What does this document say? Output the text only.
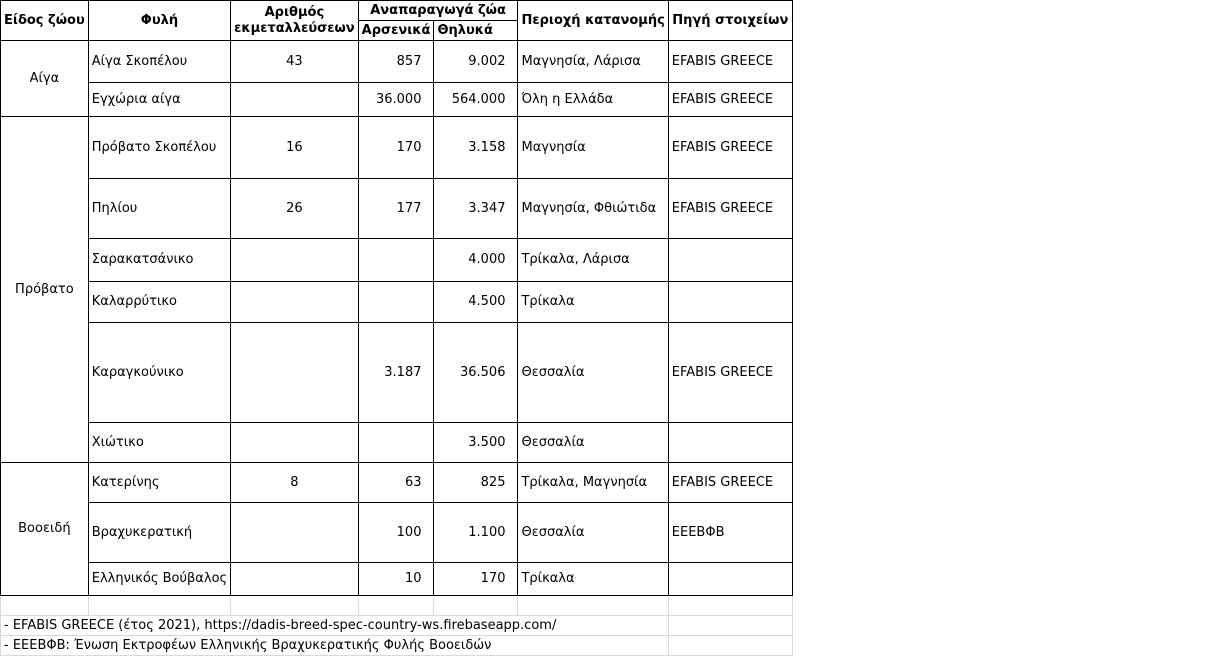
Είδος ζώου	Φυλή	Αριθμός
εκμεταλλεύσεων	Αναπαραγωγά ζώα		Περιοχή κατανομής	Πηγή στοιχείων
			Αρσενικά	Θηλυκά		
Αίγα	Αίγα Σκοπέλου	43	857	9.002	Μαγνησία, Λάρισα	EFABIS GREECE
	Εγχώρια αίγα		36.000	564.000	Όλη η Ελλάδα	EFABIS GREECE
Πρόβατο	Πρόβατο Σκοπέλου	16	170	3.158	Μαγνησία	EFABIS GREECE
	Πηλίου	26	177	3.347	Μαγνησία, Φθιώτιδα	EFABIS GREECE
	Σαρακατσάνικο			4.000	Τρίκαλα, Λάρισα	
	Καλαρρύτικο			4.500	Τρίκαλα	
	Καραγκούνικο		3.187	36.506	Θεσσαλία	EFABIS GREECE
	Χιώτικο			3.500	Θεσσαλία	
Βοοειδή	Κατερίνης	8	63	825	Τρίκαλα, Μαγνησία	EFABIS GREECE
	Βραχυκερατική		100	1.100	Θεσσαλία	ΕΕΕΒΦΒ
	Ελληνικός Βούβαλος		10	170	Τρίκαλα	

- EFABIS GREECE (έτος 2021), https://dadis-breed-spec-country-ws.firebaseapp.com/						
- ΕΕΕΒΦΒ: Ένωση Εκτροφέων Ελληνικής Βραχυκερατικής Φυλής Βοοειδών						
